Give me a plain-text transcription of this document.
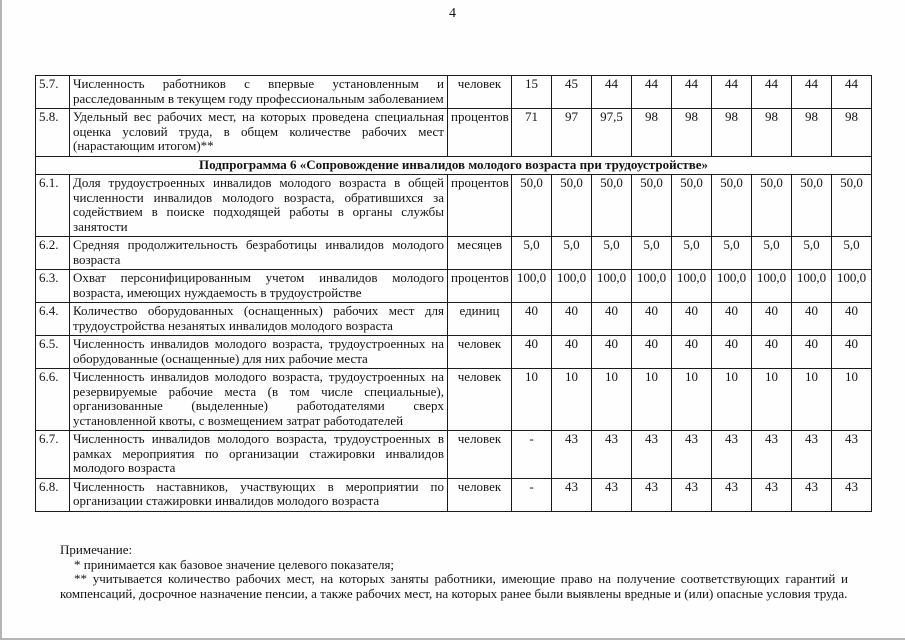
4
5.7.	Численность работников с впервые установленным и расследованным в текущем году профессиональным заболеванием	человек	15	45	44	44	44	44	44	44	44
5.8.	Удельный вес рабочих мест, на которых проведена специальная оценка условий труда, в общем количестве рабочих мест (нарастающим итогом)**	процентов	71	97	97,5	98	98	98	98	98	98
Подпрограмма 6 «Сопровождение инвалидов молодого возраста при трудоустройстве»											
6.1.	Доля трудоустроенных инвалидов молодого возраста в общей численности инвалидов молодого возраста, обратившихся за содействием в поиске подходящей работы в органы службы занятости	процентов	50,0	50,0	50,0	50,0	50,0	50,0	50,0	50,0	50,0
6.2.	Средняя продолжительность безработицы инвалидов молодого возраста	месяцев	5,0	5,0	5,0	5,0	5,0	5,0	5,0	5,0	5,0
6.3.	Охват персонифицированным учетом инвалидов молодого возраста, имеющих нуждаемость в трудоустройстве	процентов	100,0	100,0	100,0	100,0	100,0	100,0	100,0	100,0	100,0
6.4.	Количество оборудованных (оснащенных) рабочих мест для трудоустройства незанятых инвалидов молодого возраста	единиц	40	40	40	40	40	40	40	40	40
6.5.	Численность инвалидов молодого возраста, трудоустроенных на оборудованные (оснащенные) для них рабочие места	человек	40	40	40	40	40	40	40	40	40
6.6.	Численность инвалидов молодого возраста, трудоустроенных на резервируемые рабочие места (в том числе специальные), организованные (выделенные) работодателями сверх установленной квоты, с возмещением затрат работодателей	человек	10	10	10	10	10	10	10	10	10
6.7.	Численность инвалидов молодого возраста, трудоустроенных в рамках мероприятия по организации стажировки инвалидов молодого возраста	человек	-	43	43	43	43	43	43	43	43
6.8.	Численность наставников, участвующих в мероприятии по организации стажировки инвалидов молодого возраста	человек	-	43	43	43	43	43	43	43	43

Примечание:

* принимается как базовое значение целевого показателя;

** учитывается количество рабочих мест, на которых заняты работники, имеющие право на получение соответствующих гарантий и компенсаций, досрочное назначение пенсии, а также рабочих мест, на которых ранее были выявлены вредные и (или) опасные условия труда.
